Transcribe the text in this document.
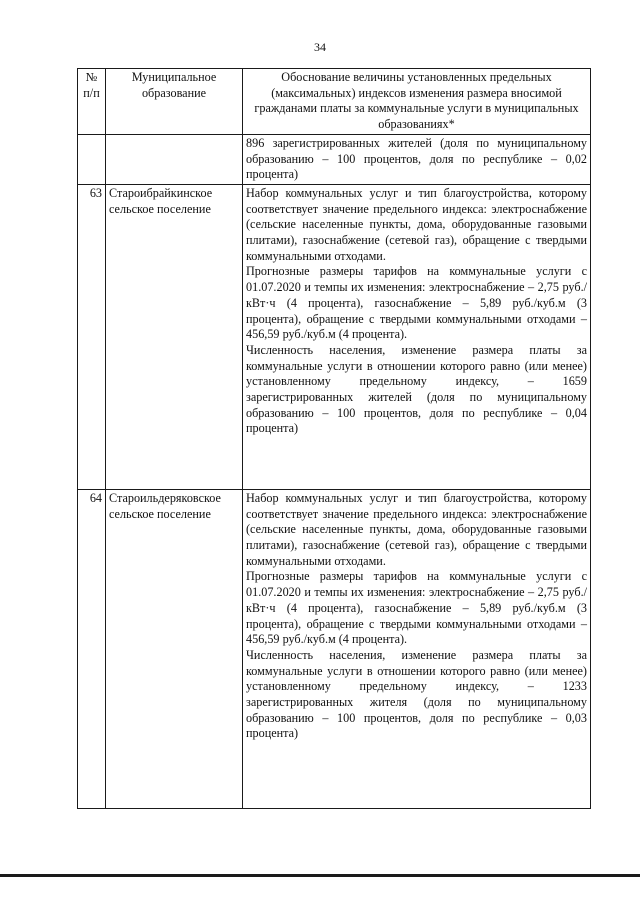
34
№ п/п	Муниципальное образование	Обоснование величины установленных предельных (максимальных) индексов изменения размера вносимой гражданами платы за коммунальные услуги в муниципальных образованиях*

		896 зарегистрированных жителей (доля по муниципальному образованию – 100 процентов, доля по республике – 0,02 процента)

63	Староибрайкинское сельское поселение	Набор коммунальных услуг и тип благоустройства, которому соответствует значение предельного индекса: электроснабжение (сельские населенные пункты, дома, оборудованные газовыми плитами), газоснабжение (сетевой газ), обращение с твердыми коммунальными отходами.

Прогнозные размеры тарифов на коммунальные услуги с 01.07.2020 и темпы их изменения: электроснабжение – 2,75 руб./кВт·ч (4 процента), газоснабжение – 5,89 руб./куб.м (3 процента), обращение с твердыми коммунальными отходами – 456,59 руб./куб.м (4 процента).

Численность населения, изменение размера платы за коммунальные услуги в отношении которого равно (или менее) установленному предельному индексу, – 1659 зарегистрированных жителей (доля по муниципальному образованию – 100 процентов, доля по республике – 0,04 процента)

64	Староильдеряковское сельское поселение	Набор коммунальных услуг и тип благоустройства, которому соответствует значение предельного индекса: электроснабжение (сельские населенные пункты, дома, оборудованные газовыми плитами), газоснабжение (сетевой газ), обращение с твердыми коммунальными отходами.

Прогнозные размеры тарифов на коммунальные услуги с 01.07.2020 и темпы их изменения: электроснабжение – 2,75 руб./кВт·ч (4 процента), газоснабжение – 5,89 руб./куб.м (3 процента), обращение с твердыми коммунальными отходами – 456,59 руб./куб.м (4 процента).

Численность населения, изменение размера платы за коммунальные услуги в отношении которого равно (или менее) установленному предельному индексу, – 1233 зарегистрированных жителя (доля по муниципальному образованию – 100 процентов, доля по республике – 0,03 процента)
